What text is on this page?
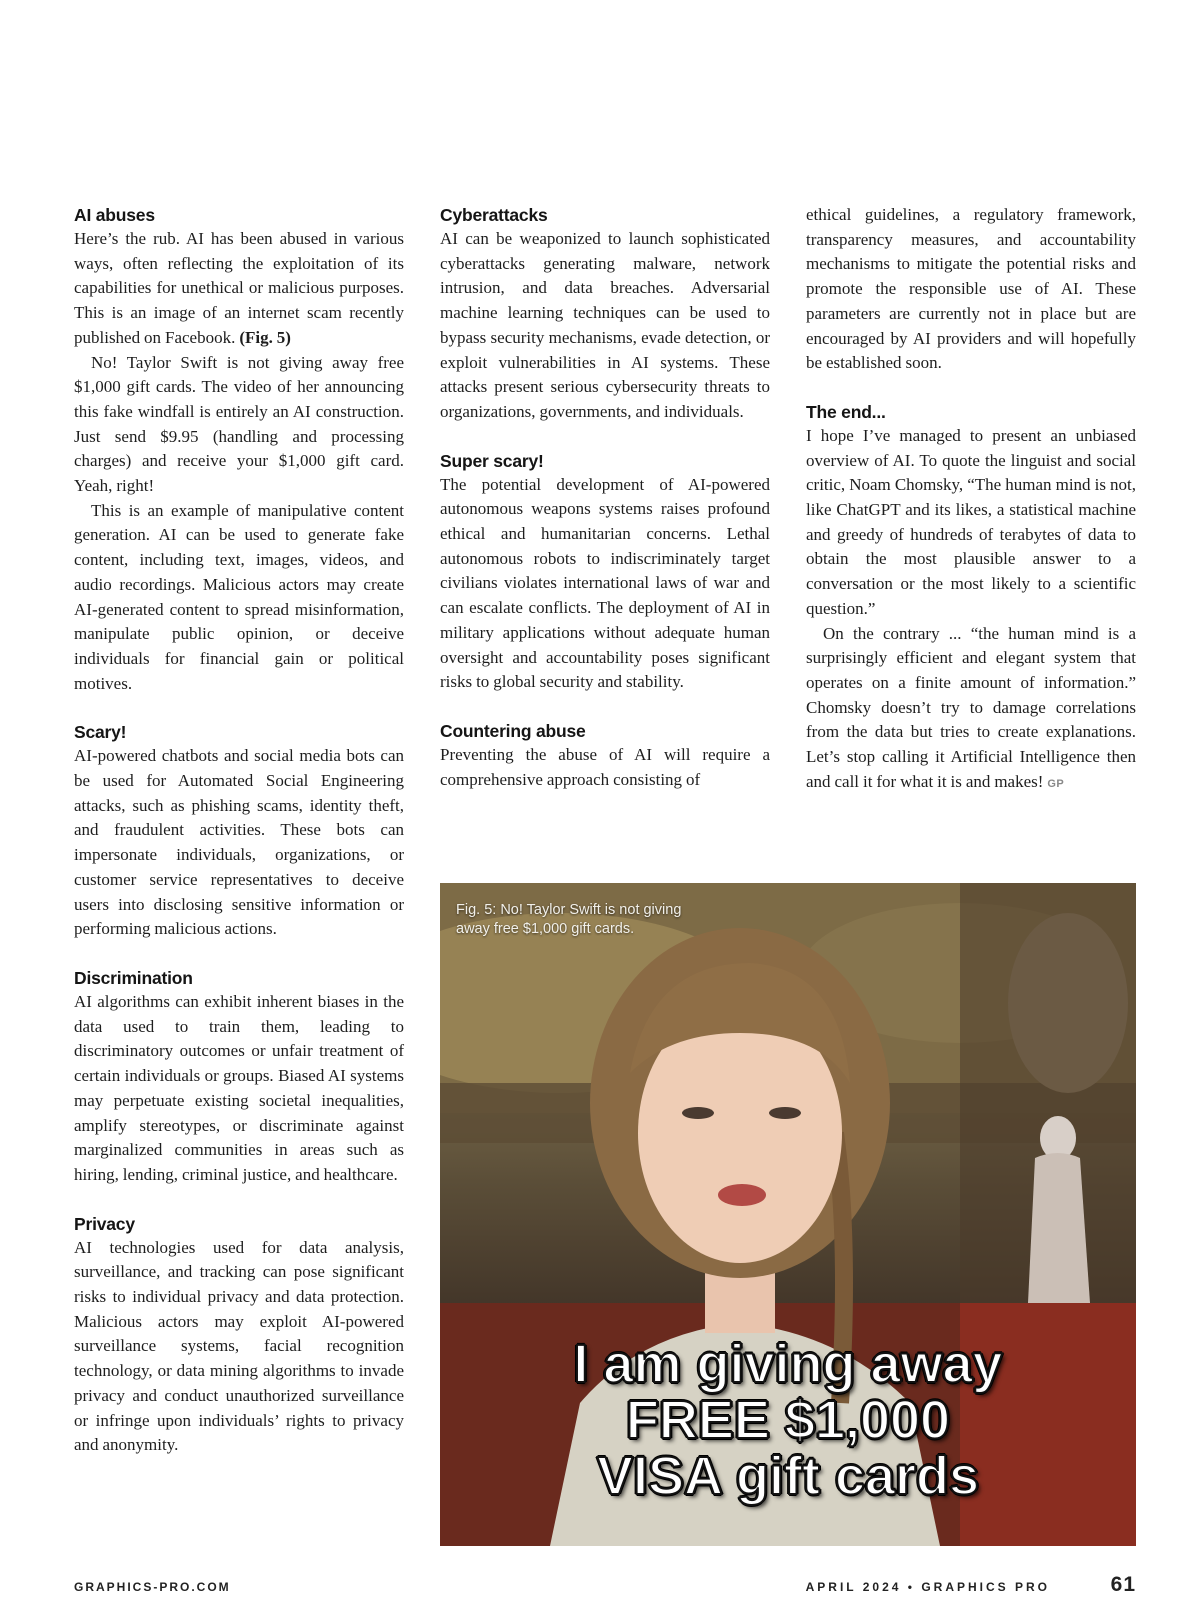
AI abuses

Here’s the rub. AI has been abused in various ways, often reflecting the exploitation of its capabilities for unethical or malicious purposes. This is an image of an internet scam recently published on Facebook. (Fig. 5)

No! Taylor Swift is not giving away free $1,000 gift cards. The video of her announcing this fake windfall is entirely an AI construction. Just send $9.95 (handling and processing charges) and receive your $1,000 gift card. Yeah, right!

This is an example of manipulative content generation. AI can be used to generate fake content, including text, images, videos, and audio recordings. Malicious actors may create AI-generated content to spread misinformation, manipulate public opinion, or deceive individuals for financial gain or political motives.

Scary!

AI-powered chatbots and social media bots can be used for Automated Social Engineering attacks, such as phishing scams, identity theft, and fraudulent activities. These bots can impersonate individuals, organizations, or customer service representatives to deceive users into disclosing sensitive information or performing malicious actions.

Discrimination

AI algorithms can exhibit inherent biases in the data used to train them, leading to discriminatory outcomes or unfair treatment of certain individuals or groups. Biased AI systems may perpetuate existing societal inequalities, amplify stereotypes, or discriminate against marginalized communities in areas such as hiring, lending, criminal justice, and healthcare.

Privacy

AI technologies used for data analysis, surveillance, and tracking can pose significant risks to individual privacy and data protection. Malicious actors may exploit AI-powered surveillance systems, facial recognition technology, or data mining algorithms to invade privacy and conduct unauthorized surveillance or infringe upon individuals’ rights to privacy and anonymity.

Cyberattacks

AI can be weaponized to launch sophisticated cyberattacks generating malware, network intrusion, and data breaches. Adversarial machine learning techniques can be used to bypass security mechanisms, evade detection, or exploit vulnerabilities in AI systems. These attacks present serious cybersecurity threats to organizations, governments, and individuals.

Super scary!

The potential development of AI-powered autonomous weapons systems raises profound ethical and humanitarian concerns. Lethal autonomous robots to indiscriminately target civilians violates international laws of war and can escalate conflicts. The deployment of AI in military applications without adequate human oversight and accountability poses significant risks to global security and stability.

Countering abuse

Preventing the abuse of AI will require a comprehensive approach consisting of

ethical guidelines, a regulatory framework, transparency measures, and accountability mechanisms to mitigate the potential risks and promote the responsible use of AI. These parameters are currently not in place but are encouraged by AI providers and will hopefully be established soon.

The end...

I hope I’ve managed to present an unbiased overview of AI. To quote the linguist and social critic, Noam Chomsky, “The human mind is not, like ChatGPT and its likes, a statistical machine and greedy of hundreds of terabytes of data to obtain the most plausible answer to a conversation or the most likely to a scientific question.”

On the contrary ... “the human mind is a surprisingly efficient and elegant system that operates on a finite amount of information.” Chomsky doesn’t try to damage correlations from the data but tries to create explanations. Let’s stop calling it Artificial Intelligence then and call it for what it is and makes! GP

Fig. 5: No! Taylor Swift is not giving away free $1,000 gift cards.
I am giving away
FREE $1,000
VISA gift cards
GRAPHICS-PRO.COM	APRIL 2024 • GRAPHICS PRO	61
